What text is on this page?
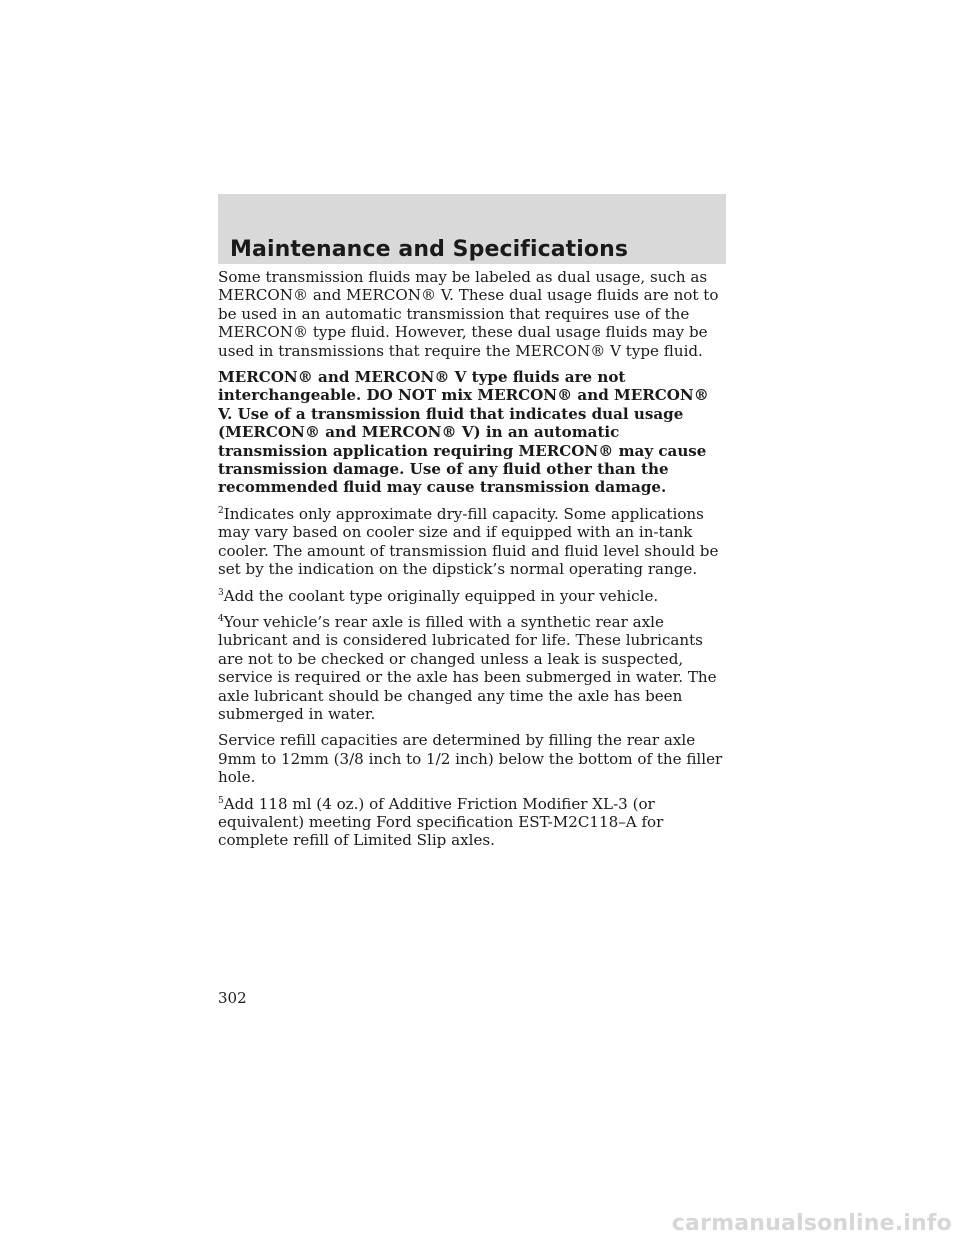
Maintenance and Specifications

Some transmission fluids may be labeled as dual usage, such as MERCON® and MERCON® V. These dual usage fluids are not to be used in an automatic transmission that requires use of the MERCON® type fluid. However, these dual usage fluids may be used in transmissions that require the MERCON® V type fluid.

MERCON® and MERCON® V type fluids are not interchangeable. DO NOT mix MERCON® and MERCON® V. Use of a transmission fluid that indicates dual usage (MERCON® and MERCON® V) in an automatic transmission application requiring MERCON® may cause transmission damage. Use of any fluid other than the recommended fluid may cause transmission damage.

$^2$Indicates only approximate dry-fill capacity. Some applications may vary based on cooler size and if equipped with an in-tank cooler. The amount of transmission fluid and fluid level should be set by the indication on the dipstick’s normal operating range.

$^3$Add the coolant type originally equipped in your vehicle.

$^4$Your vehicle’s rear axle is filled with a synthetic rear axle lubricant and is considered lubricated for life. These lubricants are not to be checked or changed unless a leak is suspected, service is required or the axle has been submerged in water. The axle lubricant should be changed any time the axle has been submerged in water.

Service refill capacities are determined by filling the rear axle 9mm to 12mm (3/8 inch to 1/2 inch) below the bottom of the filler hole.

$^5$Add 118 ml (4 oz.) of Additive Friction Modifier XL-3 (or equivalent) meeting Ford specification EST-M2C118–A for complete refill of Limited Slip axles.

302
carmanualsonline.info
